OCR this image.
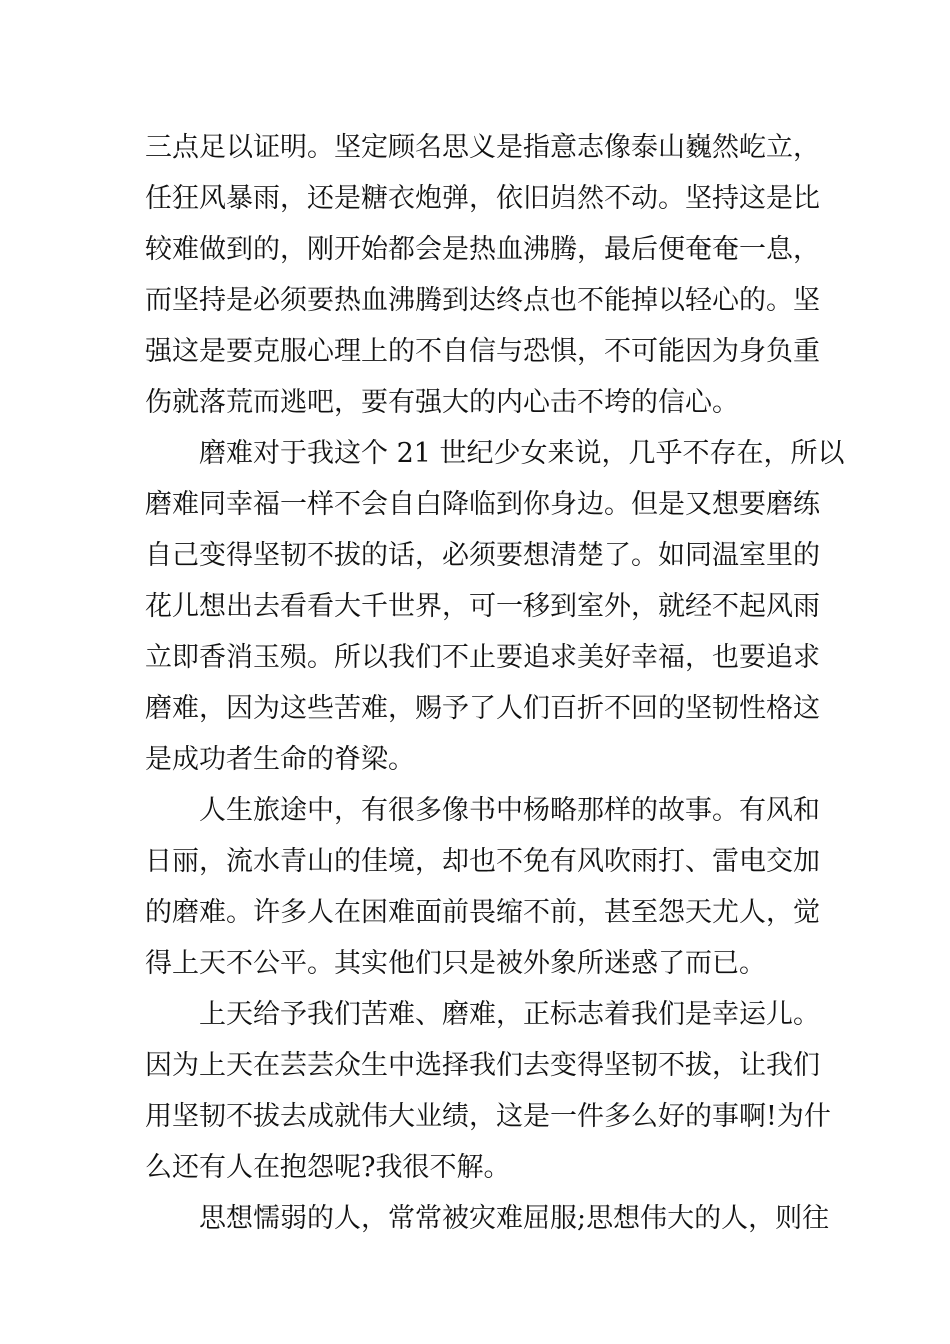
三点足以证明。坚定顾名思义是指意志像泰山巍然屹立，
任狂风暴雨，还是糖衣炮弹，依旧岿然不动。坚持这是比
较难做到的，刚开始都会是热血沸腾，最后便奄奄一息，
而坚持是必须要热血沸腾到达终点也不能掉以轻心的。坚
强这是要克服心理上的不自信与恐惧，不可能因为身负重
伤就落荒而逃吧，要有强大的内心击不垮的信心。
磨难对于我这个 21 世纪少女来说，几乎不存在，所以
磨难同幸福一样不会自白降临到你身边。但是又想要磨练
自己变得坚韧不拔的话，必须要想清楚了。如同温室里的
花儿想出去看看大千世界，可一移到室外，就经不起风雨
立即香消玉殒。所以我们不止要追求美好幸福，也要追求
磨难，因为这些苦难，赐予了人们百折不回的坚韧性格这
是成功者生命的脊梁。
人生旅途中，有很多像书中杨略那样的故事。有风和
日丽，流水青山的佳境，却也不免有风吹雨打、雷电交加
的磨难。许多人在困难面前畏缩不前，甚至怨天尤人，觉
得上天不公平。其实他们只是被外象所迷惑了而已。
上天给予我们苦难、磨难，正标志着我们是幸运儿。
因为上天在芸芸众生中选择我们去变得坚韧不拔，让我们
用坚韧不拔去成就伟大业绩，这是一件多么好的事啊!为什
么还有人在抱怨呢?我很不解。
思想懦弱的人，常常被灾难屈服;思想伟大的人，则往
